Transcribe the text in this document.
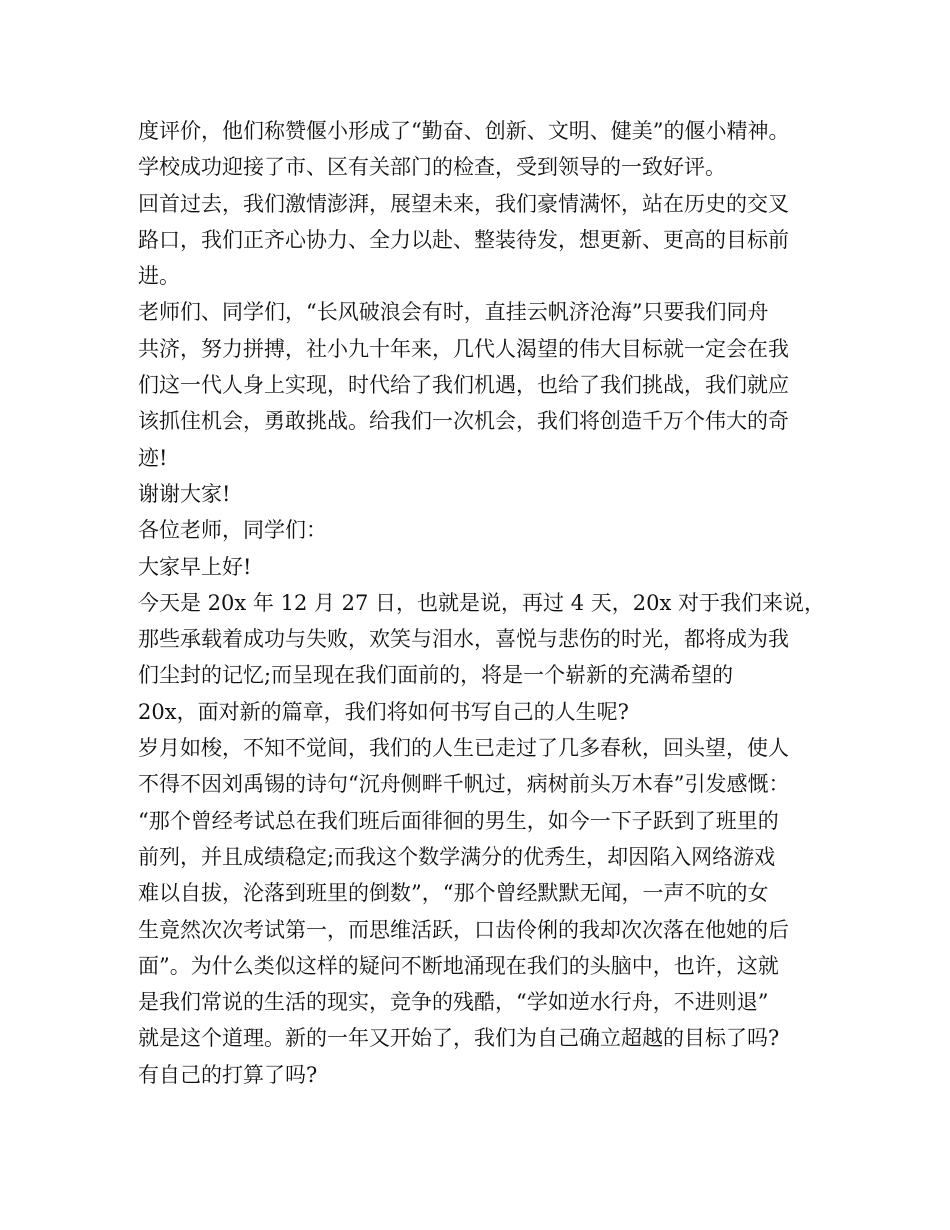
度评价，他们称赞偃小形成了“勤奋、创新、文明、健美”的偃小精神。
学校成功迎接了市、区有关部门的检查，受到领导的一致好评。
回首过去，我们激情澎湃，展望未来，我们豪情满怀，站在历史的交叉
路口，我们正齐心协力、全力以赴、整装待发，想更新、更高的目标前
进。
老师们、同学们，“长风破浪会有时，直挂云帆济沧海”只要我们同舟
共济，努力拼搏，社小九十年来，几代人渴望的伟大目标就一定会在我
们这一代人身上实现，时代给了我们机遇，也给了我们挑战，我们就应
该抓住机会，勇敢挑战。给我们一次机会，我们将创造千万个伟大的奇
迹!
谢谢大家!
各位老师，同学们：
大家早上好!
今天是 20x 年 12 月 27 日，也就是说，再过 4 天，20x 对于我们来说，
那些承载着成功与失败，欢笑与泪水，喜悦与悲伤的时光，都将成为我
们尘封的记忆;而呈现在我们面前的，将是一个崭新的充满希望的
20x，面对新的篇章，我们将如何书写自己的人生呢?
岁月如梭，不知不觉间，我们的人生已走过了几多春秋，回头望，使人
不得不因刘禹锡的诗句“沉舟侧畔千帆过，病树前头万木春”引发感慨：
“那个曾经考试总在我们班后面徘徊的男生，如今一下子跃到了班里的
前列，并且成绩稳定;而我这个数学满分的优秀生，却因陷入网络游戏
难以自拔，沦落到班里的倒数”，“那个曾经默默无闻，一声不吭的女
生竟然次次考试第一，而思维活跃，口齿伶俐的我却次次落在他她的后
面”。为什么类似这样的疑问不断地涌现在我们的头脑中，也许，这就
是我们常说的生活的现实，竞争的残酷，“学如逆水行舟，不进则退”
就是这个道理。新的一年又开始了，我们为自己确立超越的目标了吗?
有自己的打算了吗?
